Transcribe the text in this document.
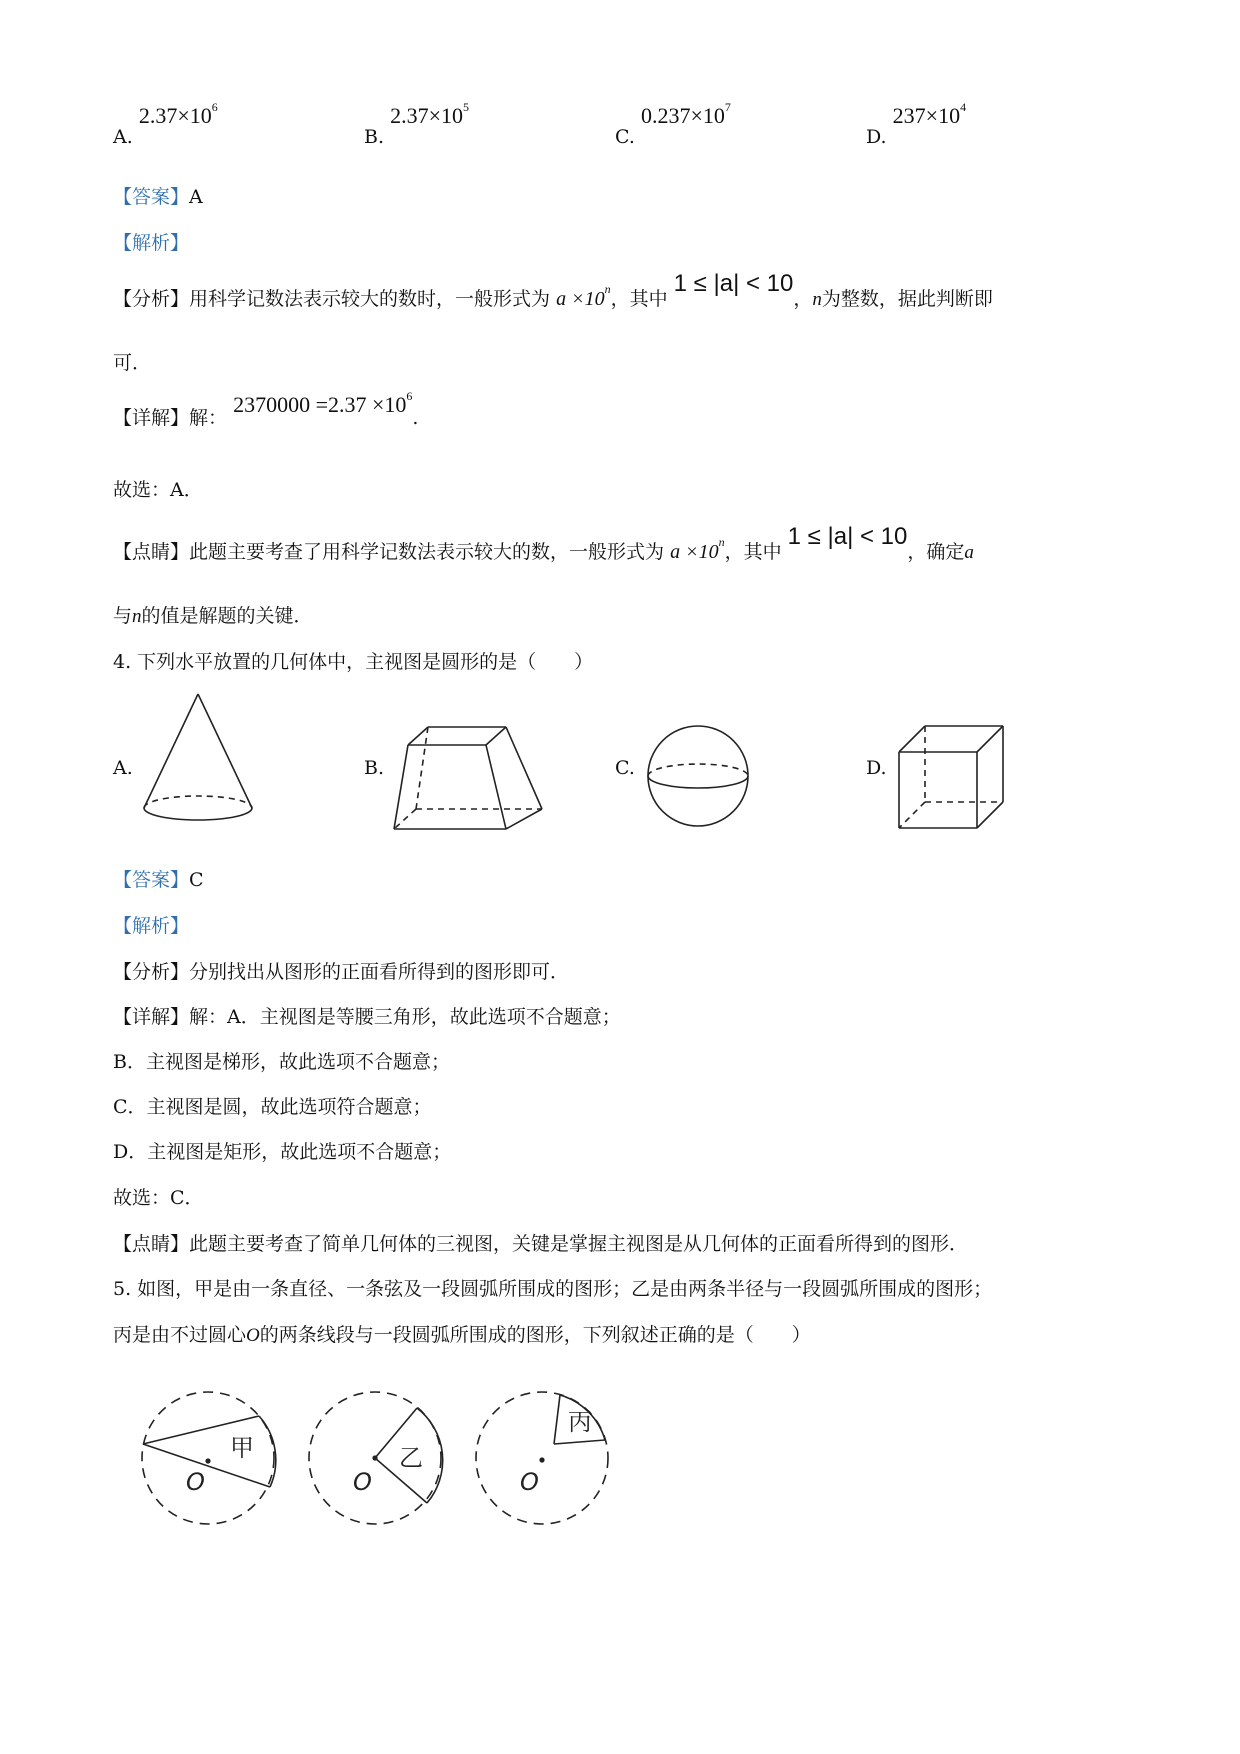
A. $2.37\times 10^6$
B. $2.37\times 10^5$
C. $0.237\times 10^7$
D. $237\times 10^4$
【答案】A
【解析】
【分析】用科学记数法表示较大的数时，一般形式为 $a \times 10^n$，其中 1 ≤ |a| < 10，n为整数，据此判断即
可．
【详解】解： $2370000 =2.37 \times 10^6$.
故选：A．
【点睛】此题主要考查了用科学记数法表示较大的数，一般形式为 $a \times 10^n$，其中 1 ≤ |a| < 10，确定a
与n的值是解题的关键．
4. 下列水平放置的几何体中，主视图是圆形的是（　　）
A.	B.	C.	D.
【答案】C
【解析】
【分析】分别找出从图形的正面看所得到的图形即可．
【详解】解：A．主视图是等腰三角形，故此选项不合题意；
B．主视图是梯形，故此选项不合题意；
C．主视图是圆，故此选项符合题意；
D．主视图是矩形，故此选项不合题意；
故选：C．
【点睛】此题主要考查了简单几何体的三视图，关键是掌握主视图是从几何体的正面看所得到的图形．
5. 如图，甲是由一条直径、一条弦及一段圆弧所围成的图形；乙是由两条半径与一段圆弧所围成的图形；
丙是由不过圆心O的两条线段与一段圆弧所围成的图形，下列叙述正确的是（　　）
甲
O
乙
O
丙
O
